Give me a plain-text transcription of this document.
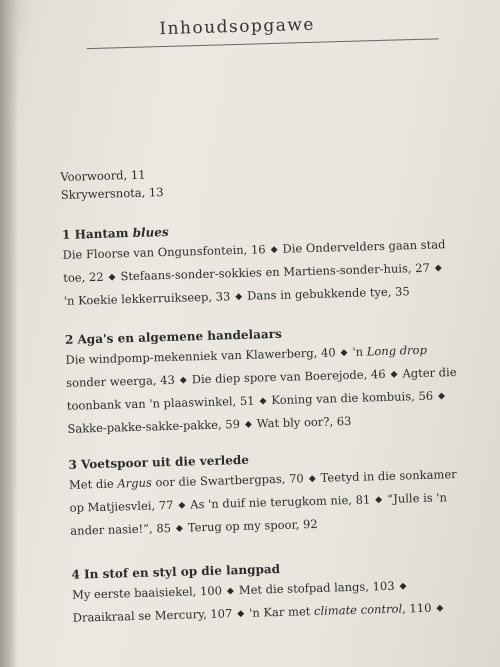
Inhoudsopgawe

Voorwoord, 11

Skrywersnota, 13

1 Hantam blues
Die Floorse van Ongunsfontein, 16 ◆ Die Ondervelders gaan stad
toe, 22 ◆ Stefaans-sonder-sokkies en Martiens-sonder-huis, 27 ◆
'n Koekie lekkerruikseep, 33 ◆ Dans in gebukkende tye, 35
2 Aga's en algemene handelaars
Die windpomp-mekenniek van Klawerberg, 40 ◆ 'n Long drop
sonder weerga, 43 ◆ Die diep spore van Boerejode, 46 ◆ Agter die
toonbank van 'n plaaswinkel, 51 ◆ Koning van die kombuis, 56 ◆
Sakke-pakke-sakke-pakke, 59 ◆ Wat bly oor?, 63
3 Voetspoor uit die verlede
Met die Argus oor die Swartbergpas, 70 ◆ Teetyd in die sonkamer
op Matjiesvlei, 77 ◆ As 'n duif nie terugkom nie, 81 ◆ “Julle is 'n
ander nasie!”, 85 ◆ Terug op my spoor, 92
4 In stof en styl op die langpad
My eerste baaisiekel, 100 ◆ Met die stofpad langs, 103 ◆
Draaikraal se Mercury, 107 ◆ 'n Kar met climate control, 110 ◆
